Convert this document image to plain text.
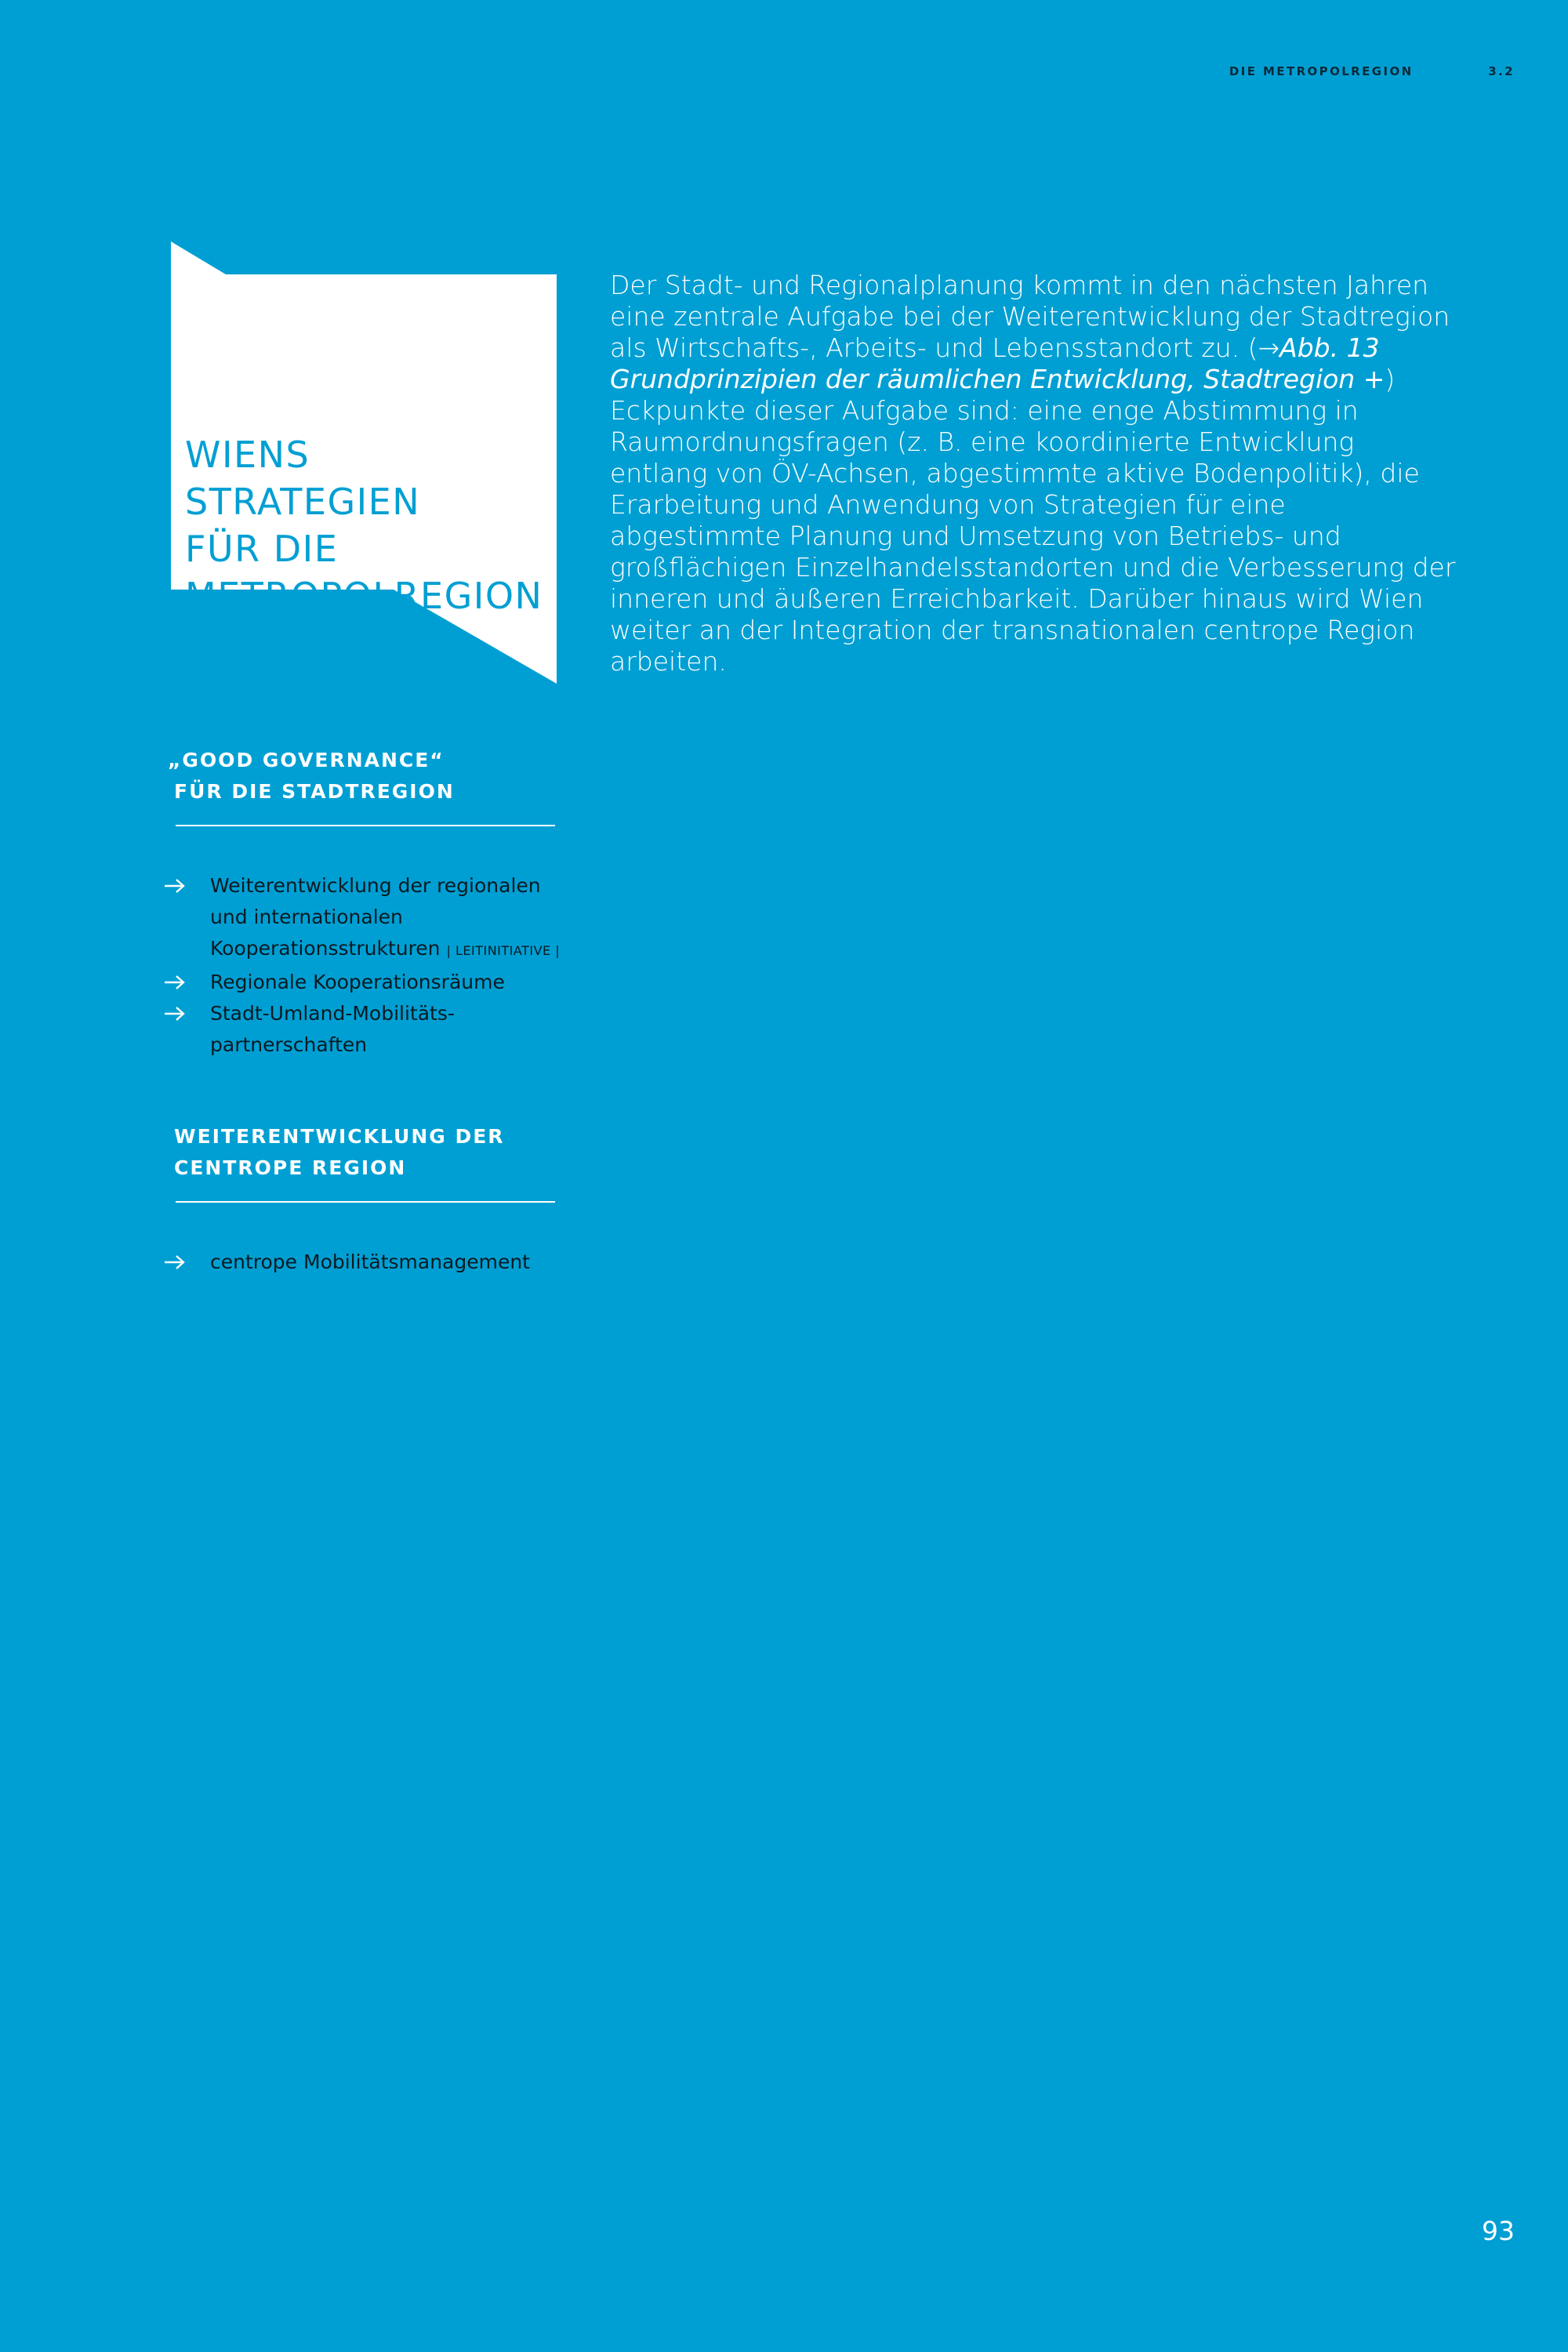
DIE METROPOLREGION	3.2
WIENS STRATEGIEN
FÜR DIE
METROPOLREGION

Der Stadt- und Regionalplanung kommt in den nächsten Jahren eine zentrale Aufgabe bei der Weiterentwicklung der Stadtregion als Wirtschafts-, Arbeits- und Lebensstandort zu. (→Abb. 13 Grundprinzipien der räumlichen Entwicklung, Stadtregion +) Eckpunkte dieser Aufgabe sind: eine enge Abstimmung in Raumordnungsfragen (z. B. eine koordinierte Entwicklung entlang von ÖV-Achsen, abgestimmte aktive Bodenpolitik), die Erarbeitung und Anwendung von Strategien für eine abgestimmte Planung und Umsetzung von Betriebs- und großflächigen Einzelhandelsstandorten und die Verbesserung der inneren und äußeren Erreichbarkeit. Darüber hinaus wird Wien weiter an der Integration der transnationalen centrope Region arbeiten.

„GOOD GOVERNANCE“
FÜR DIE STADTREGION
Weiterentwicklung der regionalen und internationalen Kooperationsstrukturen | LEITINITIATIVE |
Regionale Kooperationsräume
Stadt-Umland-Mobilitäts-partnerschaften
WEITERENTWICKLUNG DER
CENTROPE REGION
centrope Mobilitätsmanagement
93
